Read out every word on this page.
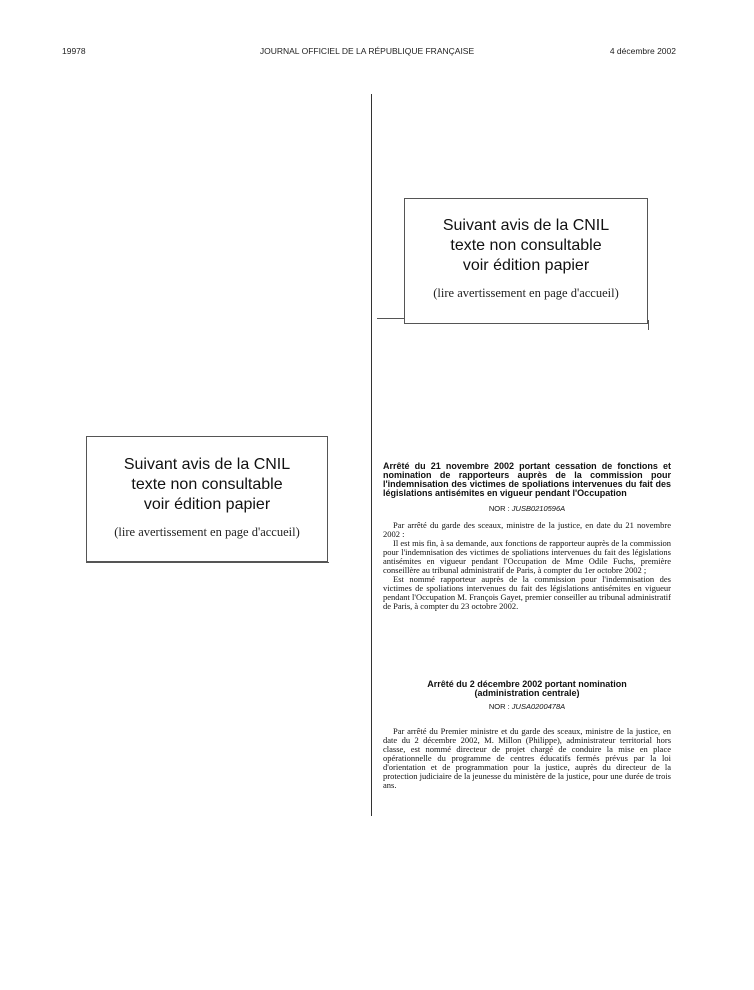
19978	JOURNAL OFFICIEL DE LA RÉPUBLIQUE FRANÇAISE	4 décembre 2002
Suivant avis de la CNIL
texte non consultable
voir édition papier
(lire avertissement en page d'accueil)
Suivant avis de la CNIL
texte non consultable
voir édition papier
(lire avertissement en page d'accueil)
Arrêté du 21 novembre 2002 portant cessation de fonctions et nomination de rapporteurs auprès de la commission pour l'indemnisation des victimes de spoliations intervenues du fait des législations antisémites en vigueur pendant l'Occupation
NOR : JUSB0210596A
Par arrêté du garde des sceaux, ministre de la justice, en date du 21 novembre 2002 :
Il est mis fin, à sa demande, aux fonctions de rapporteur auprès de la commission pour l'indemnisation des victimes de spoliations intervenues du fait des législations antisémites en vigueur pendant l'Occupation de Mme Odile Fuchs, première conseillère au tribunal administratif de Paris, à compter du 1er octobre 2002 ;
Est nommé rapporteur auprès de la commission pour l'indemnisation des victimes de spoliations intervenues du fait des législations antisémites en vigueur pendant l'Occupation M. François Gayet, premier conseiller au tribunal administratif de Paris, à compter du 23 octobre 2002.
Arrêté du 2 décembre 2002 portant nomination
(administration centrale)
NOR : JUSA0200478A
Par arrêté du Premier ministre et du garde des sceaux, ministre de la justice, en date du 2 décembre 2002, M. Millon (Philippe), administrateur territorial hors classe, est nommé directeur de projet chargé de conduire la mise en place opérationnelle du programme de centres éducatifs fermés prévus par la loi d'orientation et de programmation pour la justice, auprès du directeur de la protection judiciaire de la jeunesse du ministère de la justice, pour une durée de trois ans.
